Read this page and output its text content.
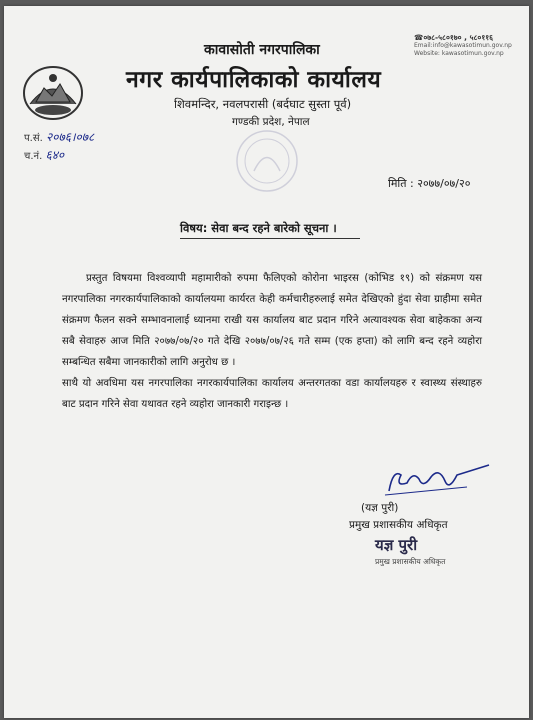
☎०७८-५८०१७० , ५८०११६
Email:info@kawasotimun.gov.np
Website: kawasotimun.gov.np
कावासोती नगरपालिका
नगर कार्यपालिकाको कार्यालय
शिवमन्दिर, नवलपरासी (बर्दघाट सुस्ता पूर्व)
गण्डकी प्रदेश, नेपाल
प.सं. २०७६।०७८
च.नं. ६४०
मिति : २०७७/०७/२०
विषय: सेवा बन्द रहने बारेको सूचना ।

प्रस्तुत विषयमा विश्वव्यापी महामारीको रुपमा फैलिएको कोरोना भाइरस (कोभिड १९) को संक्रमण यस नगरपालिका नगरकार्यपालिकाको कार्यालयमा कार्यरत केही कर्मचारीहरुलाई समेत देखिएको हुंदा सेवा ग्राहीमा समेत संक्रमण फैलन सक्ने सम्भावनालाई ध्यानमा राखी यस कार्यालय बाट प्रदान गरिने अत्यावश्यक सेवा बाहेकका अन्य सबै सेवाहरु आज मिति २०७७/०७/२० गते देखि २०७७/०७/२६ गते सम्म (एक हप्ता) को लागि बन्द रहने व्यहोरा सम्बन्धित सबैमा जानकारीको लागि अनुरोध छ ।

साथै यो अवधिमा यस नगरपालिका नगरकार्यपालिका कार्यालय अन्तरगतका वडा कार्यालयहरु र स्वास्थ्य संस्थाहरु बाट प्रदान गरिने सेवा यथावत रहने व्यहोरा जानकारी गराइन्छ ।

(यज्ञ पुरी)
प्रमुख प्रशासकीय अधिकृत
यज्ञ पुरी
प्रमुख प्रशासकीय अधिकृत
